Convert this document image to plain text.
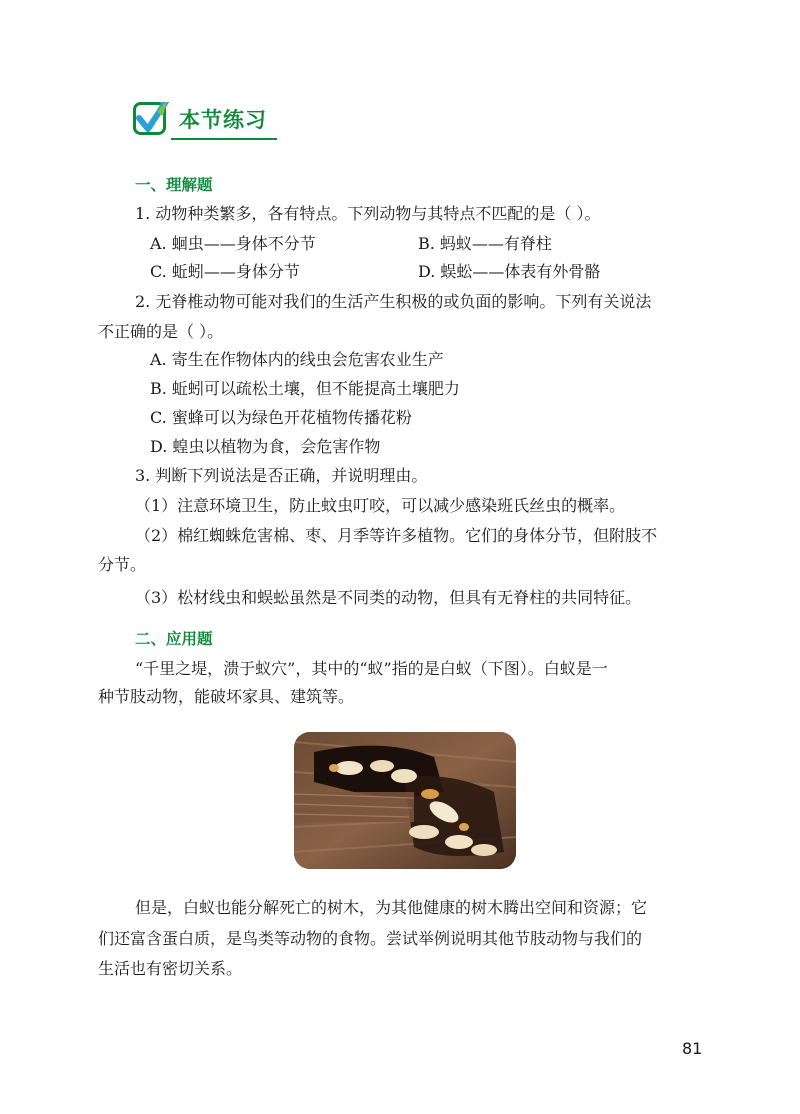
本节练习
一、理解题
1. 动物种类繁多，各有特点。下列动物与其特点不匹配的是（ ）。
A. 蛔虫——身体不分节	B. 蚂蚁——有脊柱
C. 蚯蚓——身体分节	D. 蜈蚣——体表有外骨骼
2. 无脊椎动物可能对我们的生活产生积极的或负面的影响。下列有关说法
不正确的是（ ）。
A. 寄生在作物体内的线虫会危害农业生产
B. 蚯蚓可以疏松土壤，但不能提高土壤肥力
C. 蜜蜂可以为绿色开花植物传播花粉
D. 蝗虫以植物为食，会危害作物
3. 判断下列说法是否正确，并说明理由。
（1）注意环境卫生，防止蚊虫叮咬，可以减少感染班氏丝虫的概率。
（2）棉红蜘蛛危害棉、枣、月季等许多植物。它们的身体分节，但附肢不
分节。
（3）松材线虫和蜈蚣虽然是不同类的动物，但具有无脊柱的共同特征。
二、应用题
“千里之堤，溃于蚁穴”，其中的“蚁”指的是白蚁（下图）。白蚁是一
种节肢动物，能破坏家具、建筑等。
但是，白蚁也能分解死亡的树木，为其他健康的树木腾出空间和资源；它
们还富含蛋白质，是鸟类等动物的食物。尝试举例说明其他节肢动物与我们的
生活也有密切关系。
81
